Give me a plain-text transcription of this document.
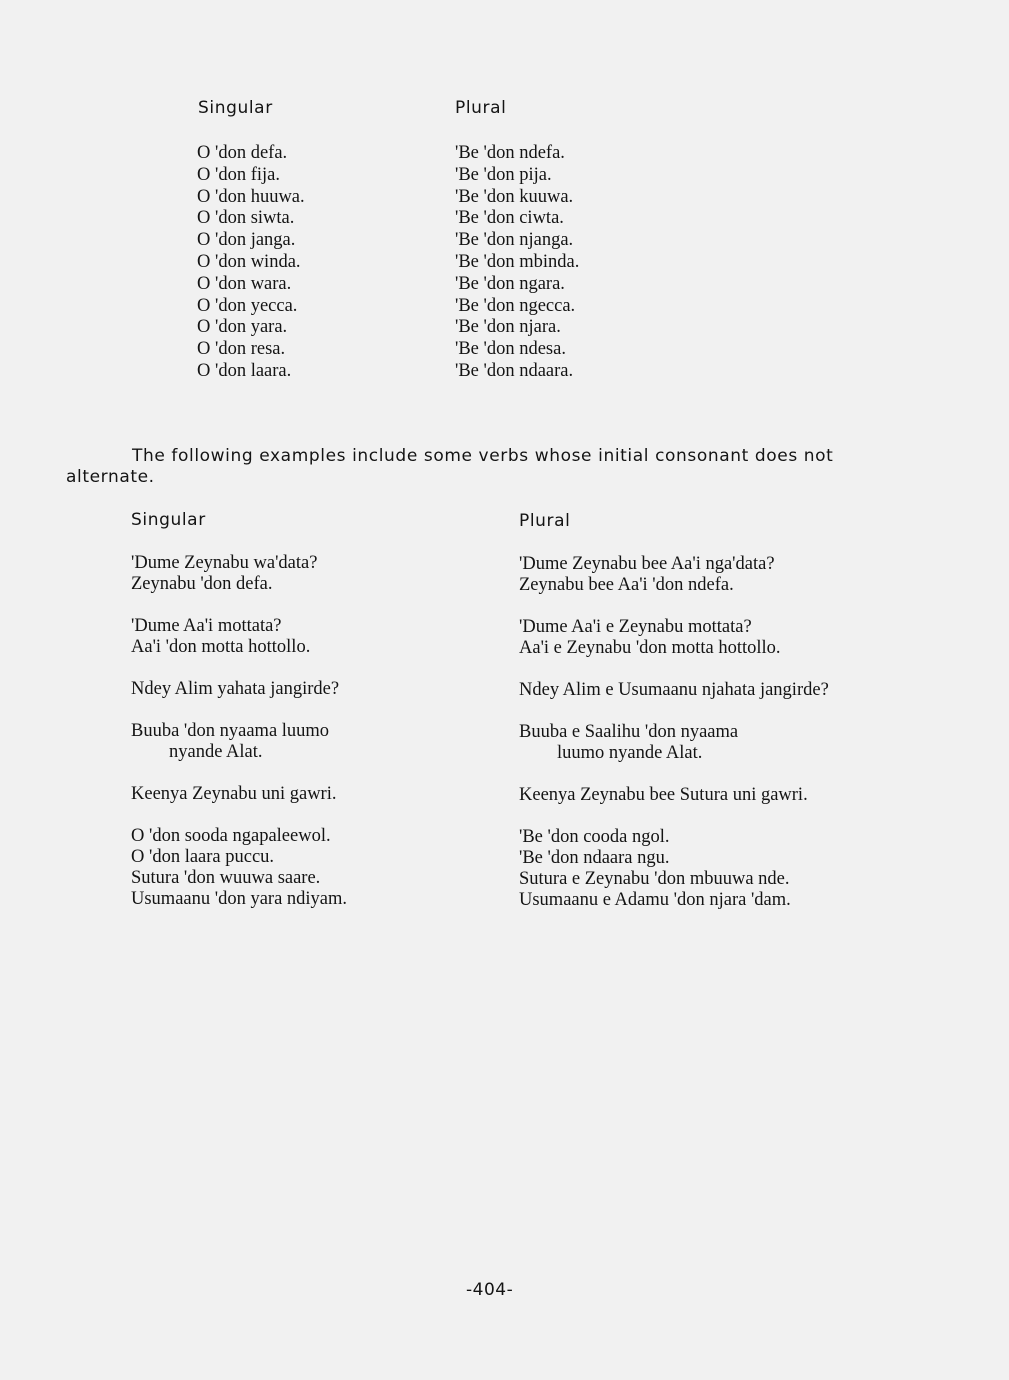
Singular	Plural
O 'don defa.
O 'don fija.
O 'don huuwa.
O 'don siwta.
O 'don janga.
O 'don winda.
O 'don wara.
O 'don yecca.
O 'don yara.
O 'don resa.
O 'don laara.
'Be 'don ndefa.
'Be 'don pija.
'Be 'don kuuwa.
'Be 'don ciwta.
'Be 'don njanga.
'Be 'don mbinda.
'Be 'don ngara.
'Be 'don ngecca.
'Be 'don njara.
'Be 'don ndesa.
'Be 'don ndaara.
The following examples include some verbs whose initial consonant does not alternate.
Singular	Plural
'Dume Zeynabu wa'data?
Zeynabu 'don defa.
'Dume Aa'i mottata?
Aa'i 'don motta hottollo.
Ndey Alim yahata jangirde?
Buuba 'don nyaama luumo
nyande Alat.
Keenya Zeynabu uni gawri.
O 'don sooda ngapaleewol.
O 'don laara puccu.
Sutura 'don wuuwa saare.
Usumaanu 'don yara ndiyam.
'Dume Zeynabu bee Aa'i nga'data?
Zeynabu bee Aa'i 'don ndefa.
'Dume Aa'i e Zeynabu mottata?
Aa'i e Zeynabu 'don motta hottollo.
Ndey Alim e Usumaanu njahata jangirde?
Buuba e Saalihu 'don nyaama
luumo nyande Alat.
Keenya Zeynabu bee Sutura uni gawri.
'Be 'don cooda ngol.
'Be 'don ndaara ngu.
Sutura e Zeynabu 'don mbuuwa nde.
Usumaanu e Adamu 'don njara 'dam.
-404-
